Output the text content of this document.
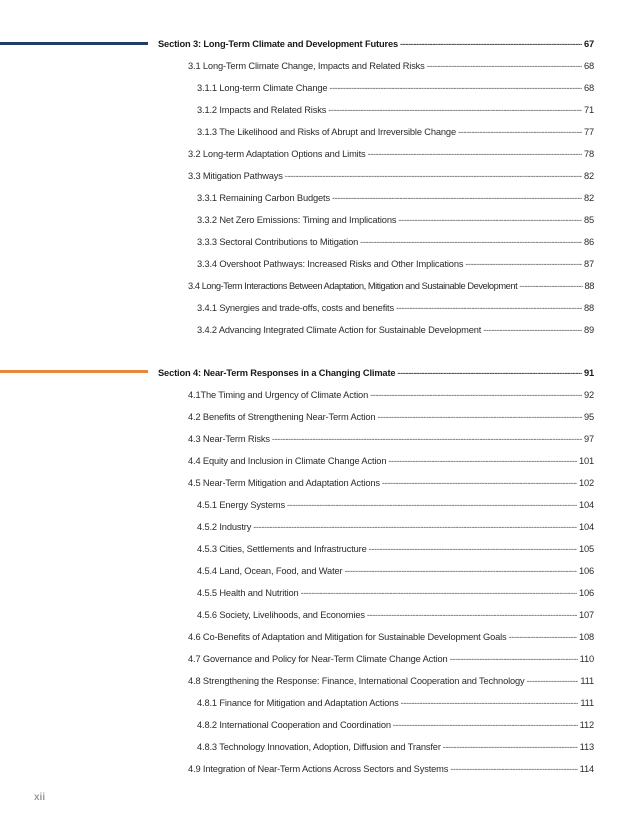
Section 3: Long-Term Climate and Development Futures -----	67
3.1 Long-Term Climate Change, Impacts and Related Risks -----	68
3.1.1 Long-term Climate Change -----	68
3.1.2 Impacts and Related Risks -----	71
3.1.3 The Likelihood and Risks of Abrupt and Irreversible Change -----	77
3.2 Long-term Adaptation Options and Limits -----	78
3.3 Mitigation Pathways -----	82
3.3.1 Remaining Carbon Budgets -----	82
3.3.2 Net Zero Emissions: Timing and Implications -----	85
3.3.3 Sectoral Contributions to Mitigation -----	86
3.3.4 Overshoot Pathways: Increased Risks and Other Implications -----	87
3.4 Long-Term Interactions Between Adaptation, Mitigation and Sustainable Development -----	88
3.4.1 Synergies and trade-offs, costs and benefits -----	88
3.4.2 Advancing Integrated Climate Action for Sustainable Development -----	89
Section 4: Near-Term Responses in a Changing Climate -----	91
4.1The Timing and Urgency of Climate Action -----	92
4.2 Benefits of Strengthening Near-Term Action -----	95
4.3 Near-Term Risks -----	97
4.4 Equity and Inclusion in Climate Change Action -----	101
4.5 Near-Term Mitigation and Adaptation Actions -----	102
4.5.1 Energy Systems -----	104
4.5.2 Industry -----	104
4.5.3 Cities, Settlements and Infrastructure -----	105
4.5.4 Land, Ocean, Food, and Water -----	106
4.5.5 Health and Nutrition -----	106
4.5.6 Society, Livelihoods, and Economies -----	107
4.6 Co-Benefits of Adaptation and Mitigation for Sustainable Development Goals -----	108
4.7 Governance and Policy for Near-Term Climate Change Action -----	110
4.8 Strengthening the Response: Finance, International Cooperation and Technology -----	111
4.8.1 Finance for Mitigation and Adaptation Actions -----	111
4.8.2 International Cooperation and Coordination -----	112
4.8.3 Technology Innovation, Adoption, Diffusion and Transfer -----	113
4.9 Integration of Near-Term Actions Across Sectors and Systems -----	114
xii
